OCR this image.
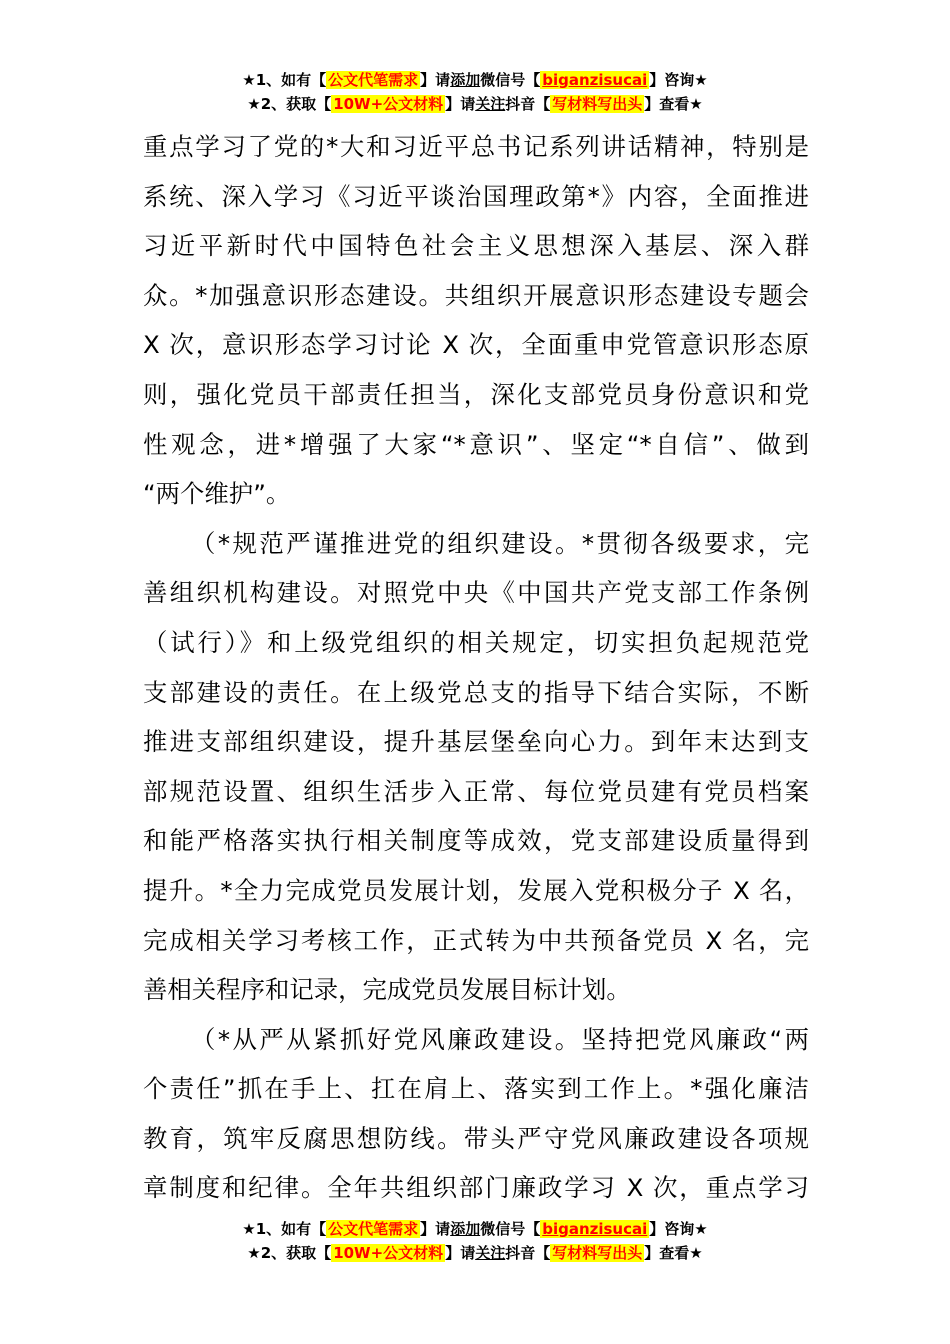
★1、如有【 公文代笔需求 】请添加微信号【 biganzisucai 】咨询★
★2、获取【 10W+公文材料 】请关注抖音【 写材料写出头 】查看★
重点学习了党的*大和习近平总书记系列讲话精神，特别是
系统、深入学习《习近平谈治国理政第*》内容，全面推进
习近平新时代中国特色社会主义思想深入基层、深入群
众。*加强意识形态建设。共组织开展意识形态建设专题会
X 次，意识形态学习讨论 X 次，全面重申党管意识形态原
则，强化党员干部责任担当，深化支部党员身份意识和党
性观念，进*增强了大家“*意识”、坚定“*自信”、做到
“两个维护”。
（*规范严谨推进党的组织建设。*贯彻各级要求，完
善组织机构建设。对照党中央《中国共产党支部工作条例
（试行）》和上级党组织的相关规定，切实担负起规范党
支部建设的责任。在上级党总支的指导下结合实际，不断
推进支部组织建设，提升基层堡垒向心力。到年末达到支
部规范设置、组织生活步入正常、每位党员建有党员档案
和能严格落实执行相关制度等成效，党支部建设质量得到
提升。*全力完成党员发展计划，发展入党积极分子 X 名，
完成相关学习考核工作，正式转为中共预备党员 X 名，完
善相关程序和记录，完成党员发展目标计划。
（*从严从紧抓好党风廉政建设。坚持把党风廉政“两
个责任”抓在手上、扛在肩上、落实到工作上。*强化廉洁
教育，筑牢反腐思想防线。带头严守党风廉政建设各项规
章制度和纪律。全年共组织部门廉政学习 X 次，重点学习
★1、如有【 公文代笔需求 】请添加微信号【 biganzisucai 】咨询★
★2、获取【 10W+公文材料 】请关注抖音【 写材料写出头 】查看★
